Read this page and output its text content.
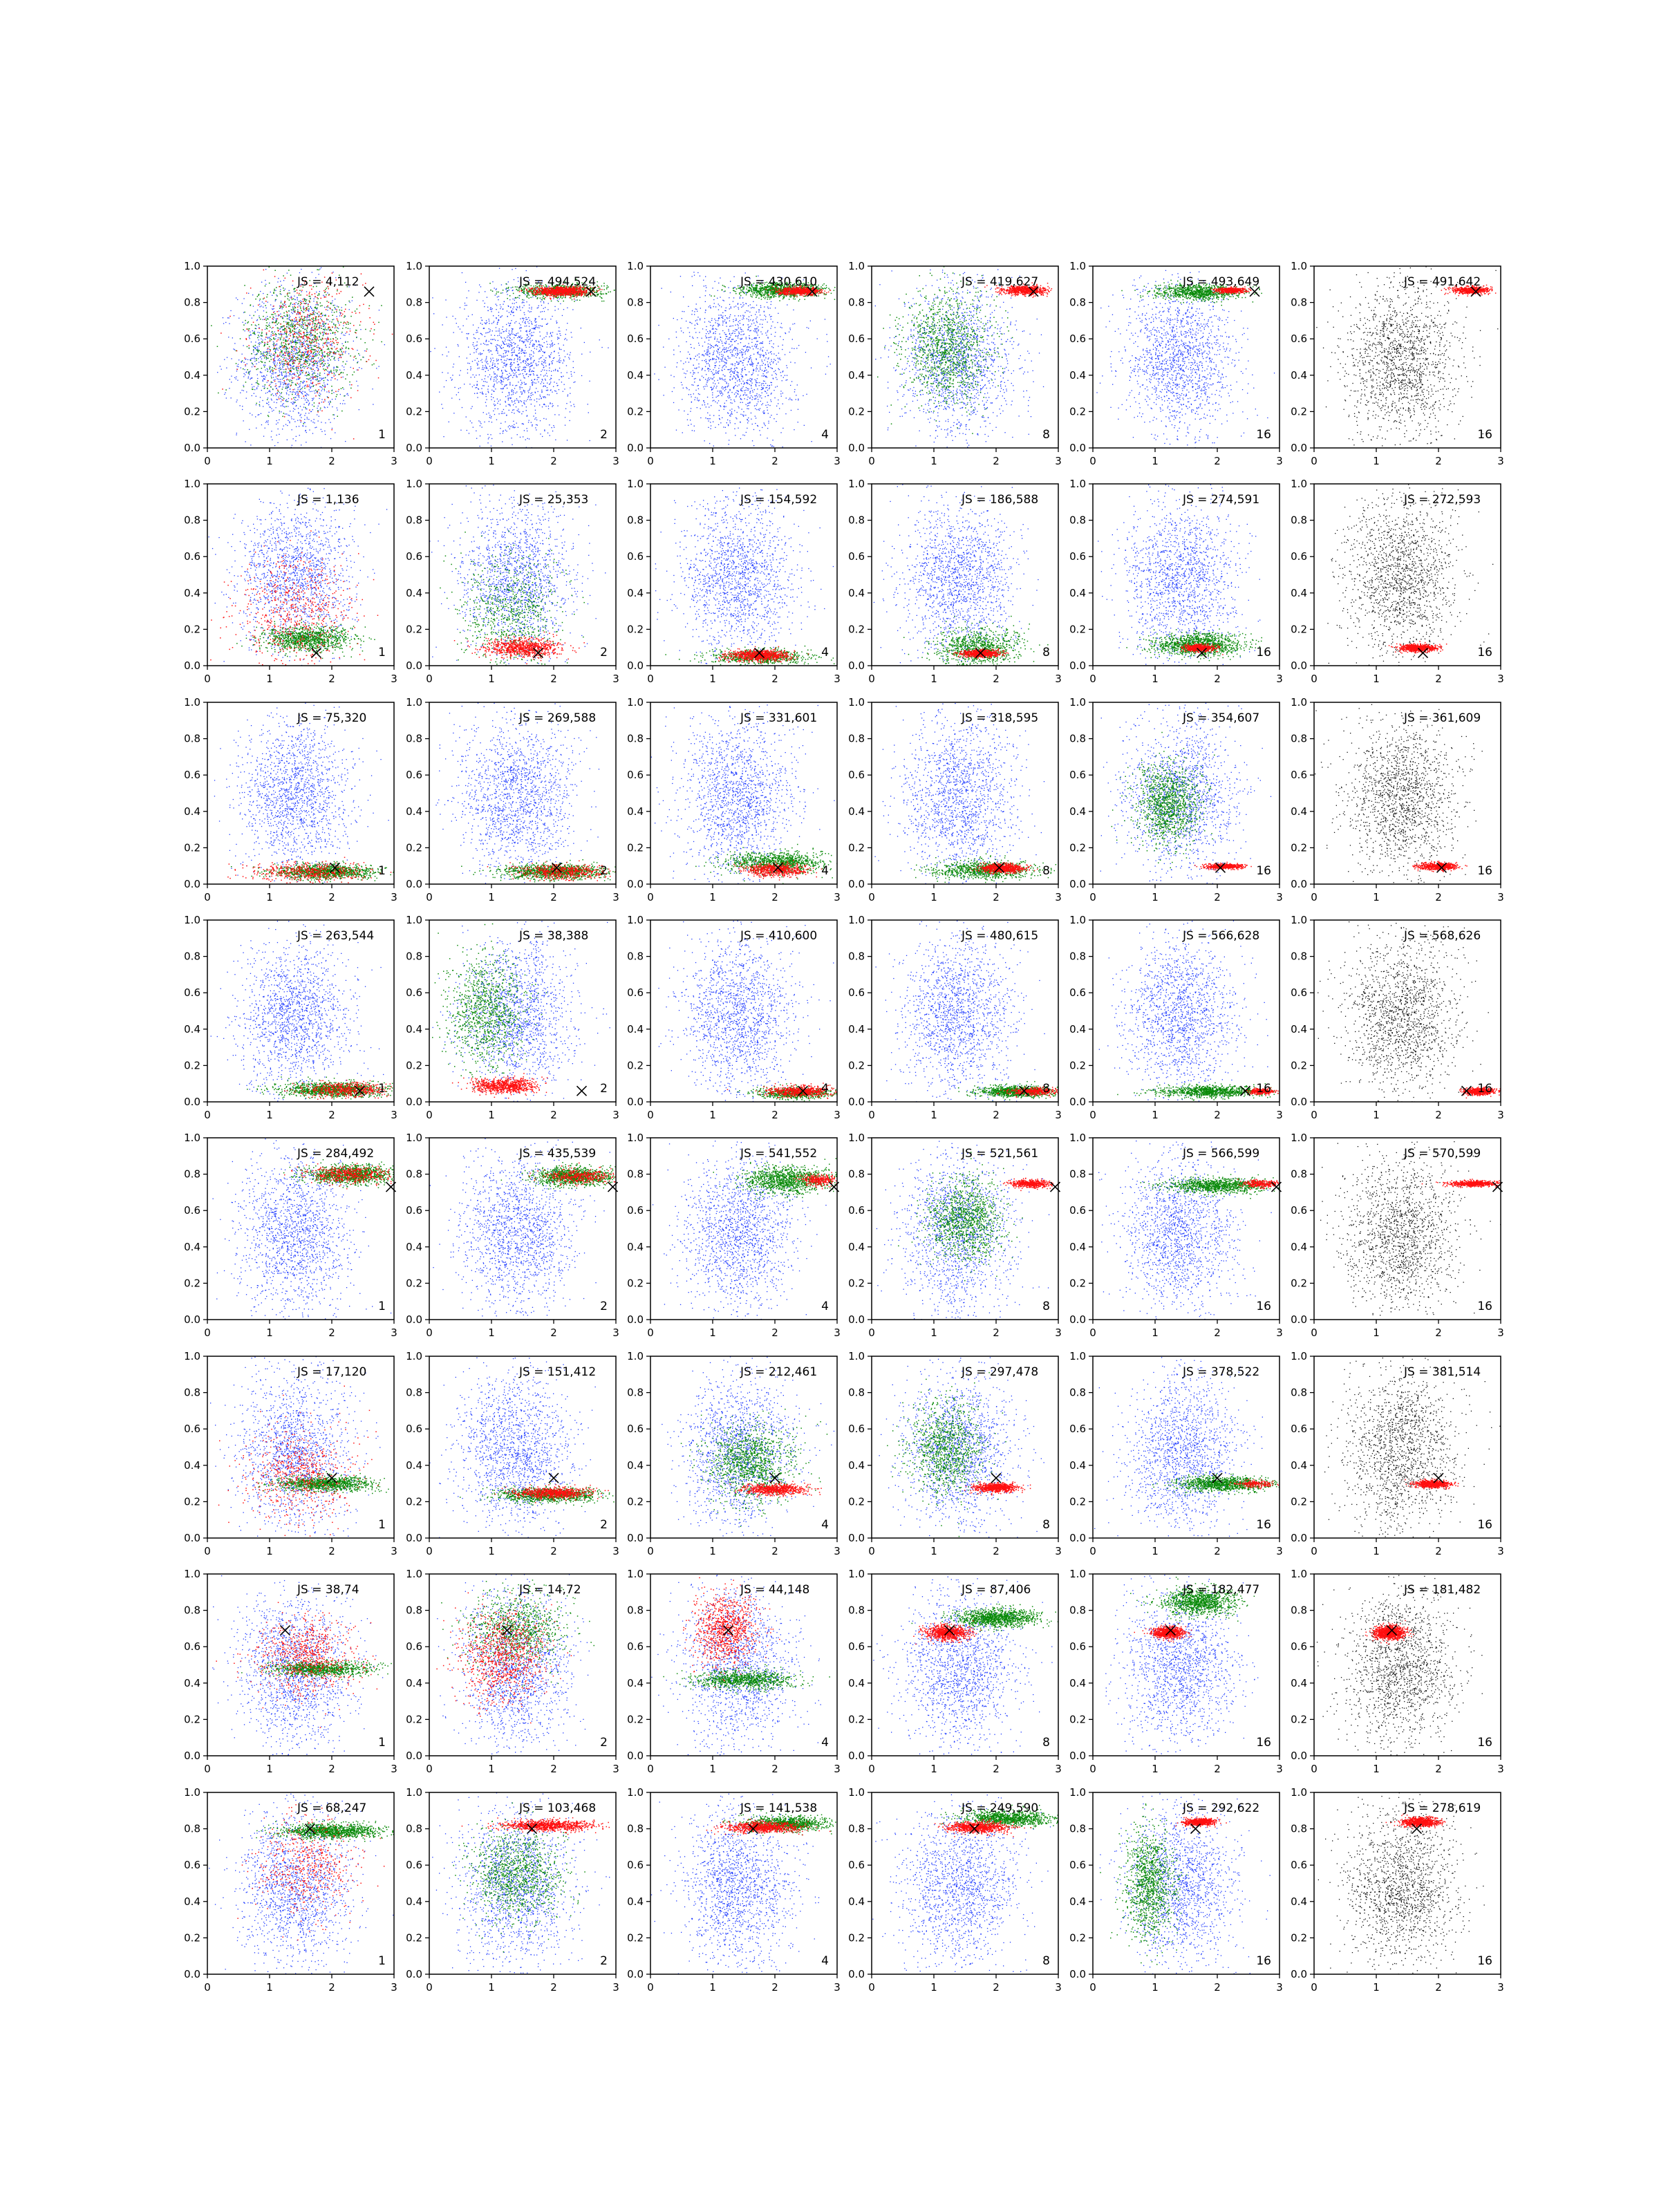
0	1	2	3
0.0
0.2
0.4
0.6
0.8
1.0
JS = 4,112
1
0	1	2	3
0.0
0.2
0.4
0.6
0.8
1.0
JS = 494,524
2
0	1	2	3
0.0
0.2
0.4
0.6
0.8
1.0
JS = 430,610
4
0	1	2	3
0.0
0.2
0.4
0.6
0.8
1.0
JS = 419,627
8
0	1	2	3
0.0
0.2
0.4
0.6
0.8
1.0
JS = 493,649
16
0	1	2	3
0.0
0.2
0.4
0.6
0.8
1.0
JS = 491,642
16
0	1	2	3
0.0
0.2
0.4
0.6
0.8
1.0
JS = 1,136
1
0	1	2	3
0.0
0.2
0.4
0.6
0.8
1.0
JS = 25,353
2
0	1	2	3
0.0
0.2
0.4
0.6
0.8
1.0
JS = 154,592
4
0	1	2	3
0.0
0.2
0.4
0.6
0.8
1.0
JS = 186,588
8
0	1	2	3
0.0
0.2
0.4
0.6
0.8
1.0
JS = 274,591
16
0	1	2	3
0.0
0.2
0.4
0.6
0.8
1.0
JS = 272,593
16
0	1	2	3
0.0
0.2
0.4
0.6
0.8
1.0
JS = 75,320
1
0	1	2	3
0.0
0.2
0.4
0.6
0.8
1.0
JS = 269,588
2
0	1	2	3
0.0
0.2
0.4
0.6
0.8
1.0
JS = 331,601
4
0	1	2	3
0.0
0.2
0.4
0.6
0.8
1.0
JS = 318,595
8
0	1	2	3
0.0
0.2
0.4
0.6
0.8
1.0
JS = 354,607
16
0	1	2	3
0.0
0.2
0.4
0.6
0.8
1.0
JS = 361,609
16
0	1	2	3
0.0
0.2
0.4
0.6
0.8
1.0
JS = 263,544
1
0	1	2	3
0.0
0.2
0.4
0.6
0.8
1.0
JS = 38,388
2
0	1	2	3
0.0
0.2
0.4
0.6
0.8
1.0
JS = 410,600
4
0	1	2	3
0.0
0.2
0.4
0.6
0.8
1.0
JS = 480,615
8
0	1	2	3
0.0
0.2
0.4
0.6
0.8
1.0
JS = 566,628
16
0	1	2	3
0.0
0.2
0.4
0.6
0.8
1.0
JS = 568,626
16
0	1	2	3
0.0
0.2
0.4
0.6
0.8
1.0
JS = 284,492
1
0	1	2	3
0.0
0.2
0.4
0.6
0.8
1.0
JS = 435,539
2
0	1	2	3
0.0
0.2
0.4
0.6
0.8
1.0
JS = 541,552
4
0	1	2	3
0.0
0.2
0.4
0.6
0.8
1.0
JS = 521,561
8
0	1	2	3
0.0
0.2
0.4
0.6
0.8
1.0
JS = 566,599
16
0	1	2	3
0.0
0.2
0.4
0.6
0.8
1.0
JS = 570,599
16
0	1	2	3
0.0
0.2
0.4
0.6
0.8
1.0
JS = 17,120
1
0	1	2	3
0.0
0.2
0.4
0.6
0.8
1.0
JS = 151,412
2
0	1	2	3
0.0
0.2
0.4
0.6
0.8
1.0
JS = 212,461
4
0	1	2	3
0.0
0.2
0.4
0.6
0.8
1.0
JS = 297,478
8
0	1	2	3
0.0
0.2
0.4
0.6
0.8
1.0
JS = 378,522
16
0	1	2	3
0.0
0.2
0.4
0.6
0.8
1.0
JS = 381,514
16
0	1	2	3
0.0
0.2
0.4
0.6
0.8
1.0
JS = 38,74
1
0	1	2	3
0.0
0.2
0.4
0.6
0.8
1.0
JS = 14,72
2
0	1	2	3
0.0
0.2
0.4
0.6
0.8
1.0
JS = 44,148
4
0	1	2	3
0.0
0.2
0.4
0.6
0.8
1.0
JS = 87,406
8
0	1	2	3
0.0
0.2
0.4
0.6
0.8
1.0
JS = 182,477
16
0	1	2	3
0.0
0.2
0.4
0.6
0.8
1.0
JS = 181,482
16
0	1	2	3
0.0
0.2
0.4
0.6
0.8
1.0
JS = 68,247
1
0	1	2	3
0.0
0.2
0.4
0.6
0.8
1.0
JS = 103,468
2
0	1	2	3
0.0
0.2
0.4
0.6
0.8
1.0
JS = 141,538
4
0	1	2	3
0.0
0.2
0.4
0.6
0.8
1.0
JS = 249,590
8
0	1	2	3
0.0
0.2
0.4
0.6
0.8
1.0
JS = 292,622
16
0	1	2	3
0.0
0.2
0.4
0.6
0.8
1.0
JS = 278,619
16
